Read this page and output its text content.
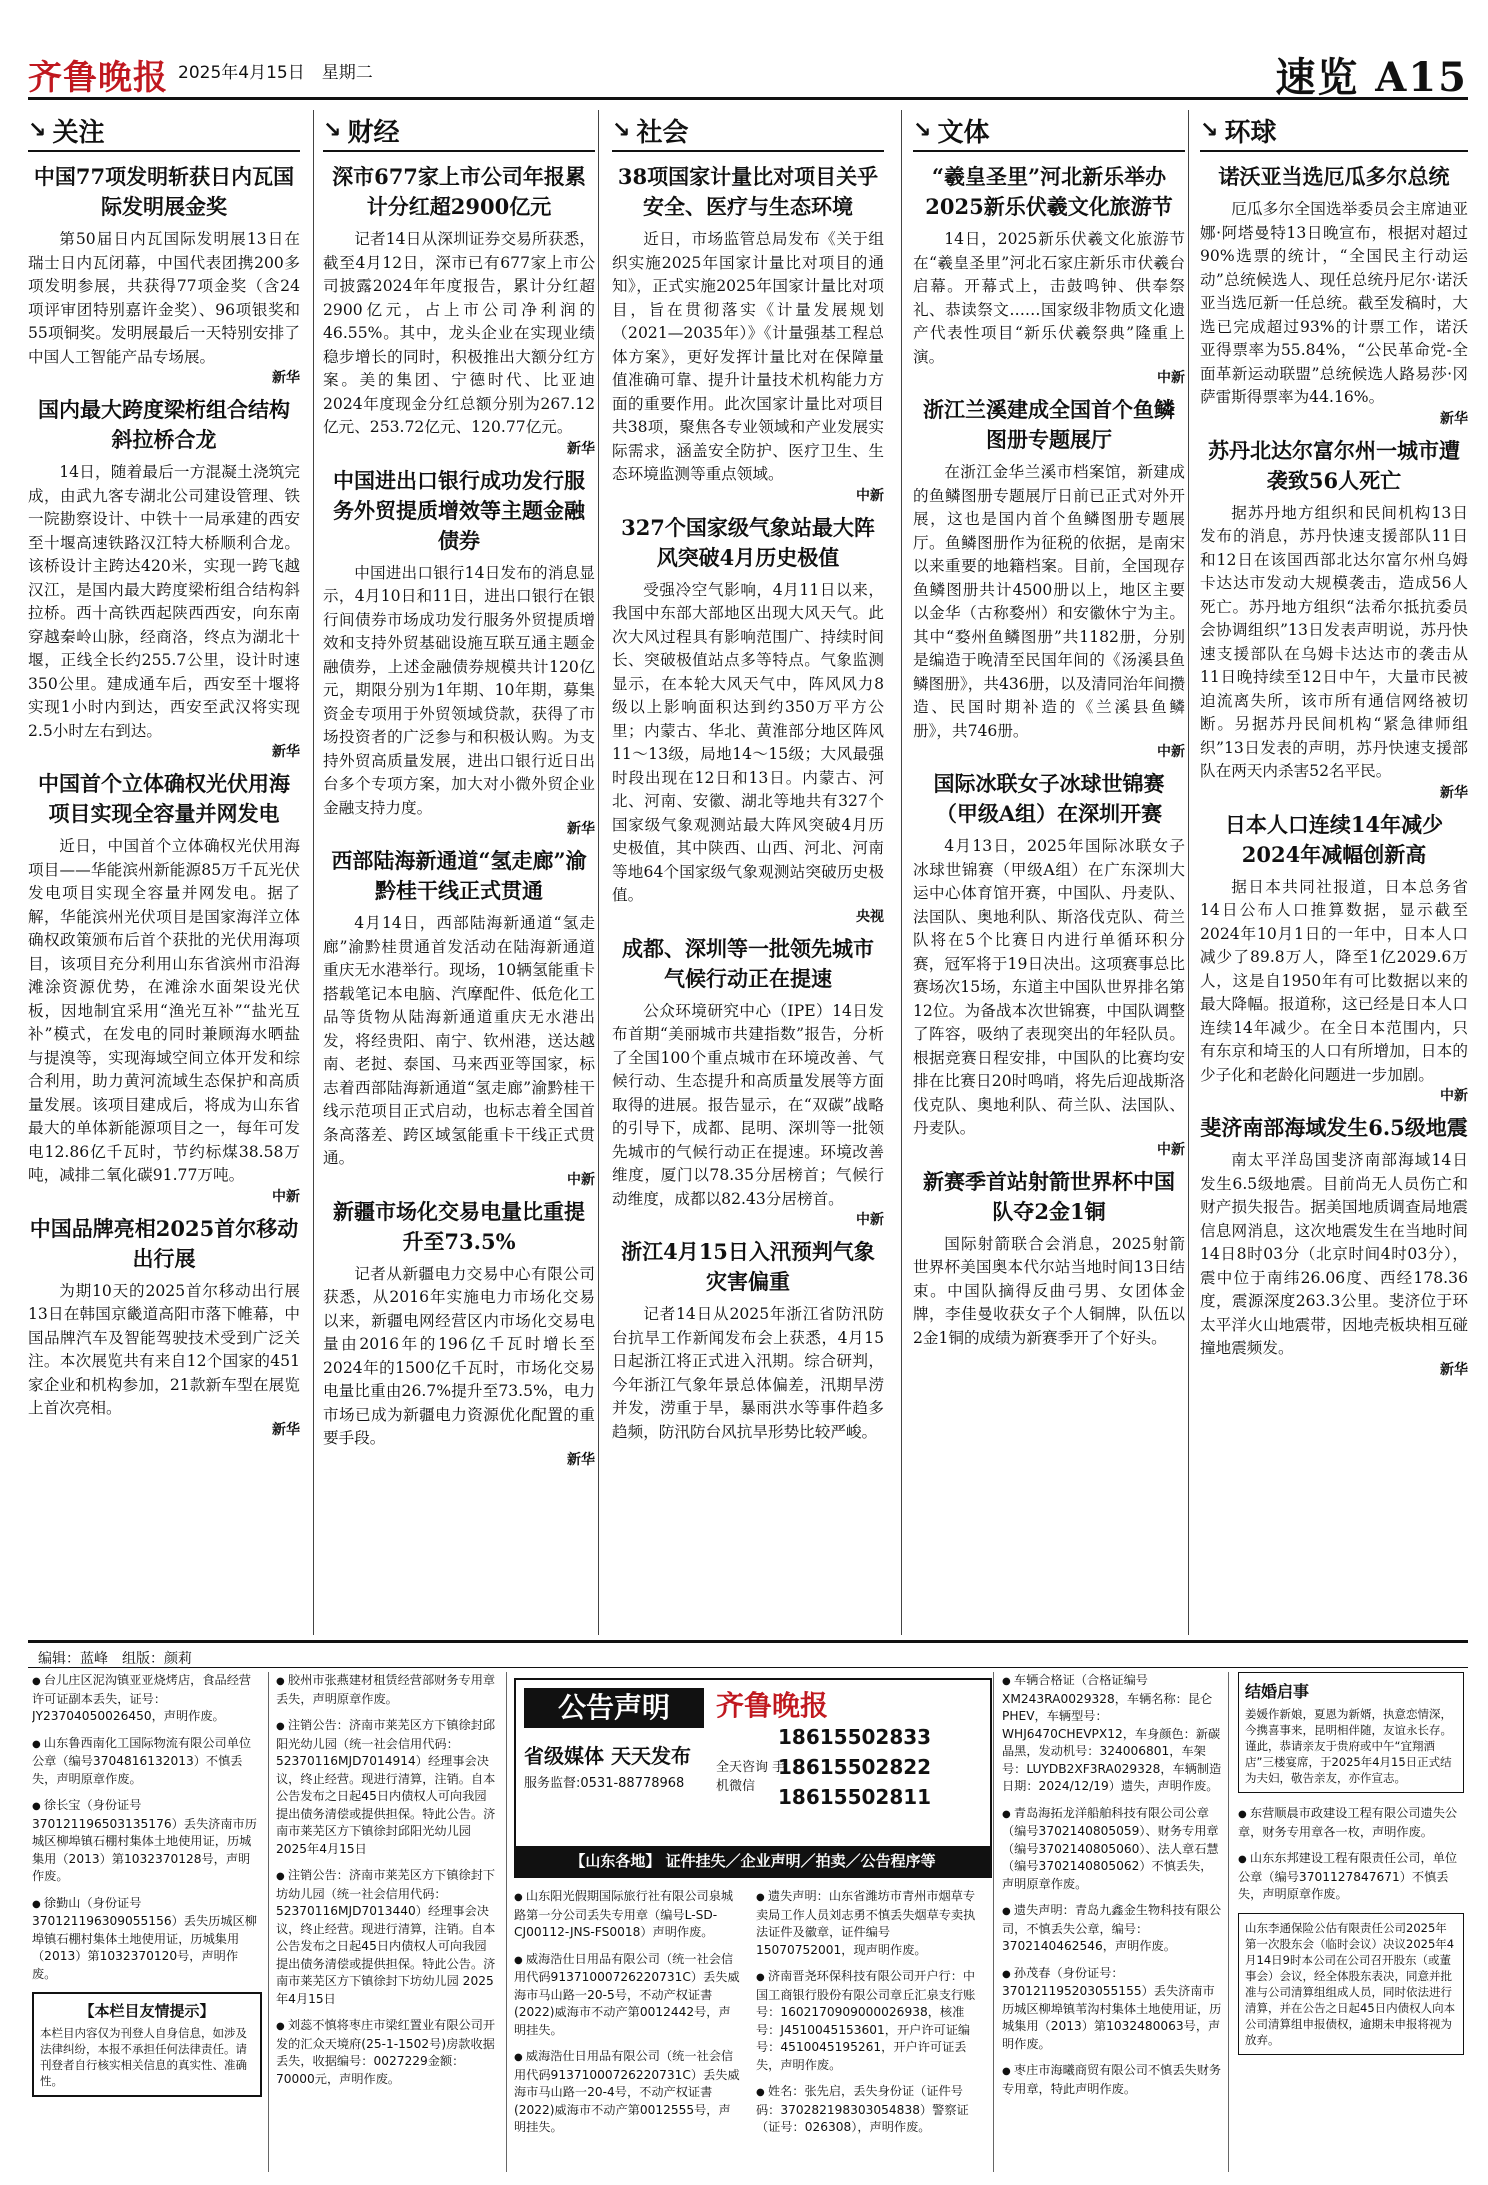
齐鲁晚报 2025年4月15日　 星期二	速览 A15
↘ 关注
中国77项发明斩获日内瓦国际发明展金奖

第50届日内瓦国际发明展13日在瑞士日内瓦闭幕，中国代表团携200多项发明参展，共获得77项金奖（含24项评审团特别嘉许金奖）、96项银奖和55项铜奖。发明展最后一天特别安排了中国人工智能产品专场展。

新华
国内最大跨度梁桁组合结构斜拉桥合龙

14日，随着最后一方混凝土浇筑完成，由武九客专湖北公司建设管理、铁一院勘察设计、中铁十一局承建的西安至十堰高速铁路汉江特大桥顺利合龙。该桥设计主跨达420米，实现一跨飞越汉江，是国内最大跨度梁桁组合结构斜拉桥。西十高铁西起陕西西安，向东南穿越秦岭山脉，经商洛，终点为湖北十堰，正线全长约255.7公里，设计时速350公里。建成通车后，西安至十堰将实现1小时内到达，西安至武汉将实现2.5小时左右到达。

新华
中国首个立体确权光伏用海项目实现全容量并网发电

近日，中国首个立体确权光伏用海项目——华能滨州新能源85万千瓦光伏发电项目实现全容量并网发电。据了解，华能滨州光伏项目是国家海洋立体确权政策颁布后首个获批的光伏用海项目，该项目充分利用山东省滨州市沿海滩涂资源优势，在滩涂水面架设光伏板，因地制宜采用“渔光互补”“盐光互补”模式，在发电的同时兼顾海水晒盐与提溴等，实现海域空间立体开发和综合利用，助力黄河流域生态保护和高质量发展。该项目建成后，将成为山东省最大的单体新能源项目之一，每年可发电12.86亿千瓦时，节约标煤38.58万吨，减排二氧化碳91.77万吨。

中新
中国品牌亮相2025首尔移动出行展

为期10天的2025首尔移动出行展13日在韩国京畿道高阳市落下帷幕，中国品牌汽车及智能驾驶技术受到广泛关注。本次展览共有来自12个国家的451家企业和机构参加，21款新车型在展览上首次亮相。

新华
↘ 财经
深市677家上市公司年报累计分红超2900亿元

记者14日从深圳证券交易所获悉，截至4月12日，深市已有677家上市公司披露2024年年度报告，累计分红超2900亿元，占上市公司净利润的46.55%。其中，龙头企业在实现业绩稳步增长的同时，积极推出大额分红方案。美的集团、宁德时代、比亚迪2024年度现金分红总额分别为267.12亿元、253.72亿元、120.77亿元。

新华
中国进出口银行成功发行服务外贸提质增效等主题金融债券

中国进出口银行14日发布的消息显示，4月10日和11日，进出口银行在银行间债券市场成功发行服务外贸提质增效和支持外贸基础设施互联互通主题金融债券，上述金融债券规模共计120亿元，期限分别为1年期、10年期，募集资金专项用于外贸领域贷款，获得了市场投资者的广泛参与和积极认购。为支持外贸高质量发展，进出口银行近日出台多个专项方案，加大对小微外贸企业金融支持力度。

新华
西部陆海新通道“氢走廊”渝黔桂干线正式贯通

4月14日，西部陆海新通道“氢走廊”渝黔桂贯通首发活动在陆海新通道重庆无水港举行。现场，10辆氢能重卡搭载笔记本电脑、汽摩配件、低危化工品等货物从陆海新通道重庆无水港出发，将经贵阳、南宁、钦州港，送达越南、老挝、泰国、马来西亚等国家，标志着西部陆海新通道“氢走廊”渝黔桂干线示范项目正式启动，也标志着全国首条高落差、跨区域氢能重卡干线正式贯通。

中新
新疆市场化交易电量比重提升至73.5%

记者从新疆电力交易中心有限公司获悉，从2016年实施电力市场化交易以来，新疆电网经营区内市场化交易电量由2016年的196亿千瓦时增长至2024年的1500亿千瓦时，市场化交易电量比重由26.7%提升至73.5%，电力市场已成为新疆电力资源优化配置的重要手段。

新华
↘ 社会
38项国家计量比对项目关乎安全、医疗与生态环境

近日，市场监管总局发布《关于组织实施2025年国家计量比对项目的通知》，正式实施2025年国家计量比对项目，旨在贯彻落实《计量发展规划（2021—2035年）》《计量强基工程总体方案》，更好发挥计量比对在保障量值准确可靠、提升计量技术机构能力方面的重要作用。此次国家计量比对项目共38项，聚焦各专业领域和产业发展实际需求，涵盖安全防护、医疗卫生、生态环境监测等重点领域。

中新
327个国家级气象站最大阵风突破4月历史极值

受强冷空气影响，4月11日以来，我国中东部大部地区出现大风天气。此次大风过程具有影响范围广、持续时间长、突破极值站点多等特点。气象监测显示，在本轮大风天气中，阵风风力8级以上影响面积达到约350万平方公里；内蒙古、华北、黄淮部分地区阵风11～13级，局地14～15级；大风最强时段出现在12日和13日。内蒙古、河北、河南、安徽、湖北等地共有327个国家级气象观测站最大阵风突破4月历史极值，其中陕西、山西、河北、河南等地64个国家级气象观测站突破历史极值。

央视
成都、深圳等一批领先城市气候行动正在提速

公众环境研究中心（IPE）14日发布首期“美丽城市共建指数”报告，分析了全国100个重点城市在环境改善、气候行动、生态提升和高质量发展等方面取得的进展。报告显示，在“双碳”战略的引导下，成都、昆明、深圳等一批领先城市的气候行动正在提速。环境改善维度，厦门以78.35分居榜首；气候行动维度，成都以82.43分居榜首。

中新
浙江4月15日入汛预判气象灾害偏重

记者14日从2025年浙江省防汛防台抗旱工作新闻发布会上获悉，4月15日起浙江将正式进入汛期。综合研判，今年浙江气象年景总体偏差，汛期旱涝并发，涝重于旱，暴雨洪水等事件趋多趋频，防汛防台风抗旱形势比较严峻。

↘ 文体
“羲皇圣里”河北新乐举办2025新乐伏羲文化旅游节

14日，2025新乐伏羲文化旅游节在“羲皇圣里”河北石家庄新乐市伏羲台启幕。开幕式上，击鼓鸣钟、供奉祭礼、恭读祭文……国家级非物质文化遗产代表性项目“新乐伏羲祭典”隆重上演。

中新
浙江兰溪建成全国首个鱼鳞图册专题展厅

在浙江金华兰溪市档案馆，新建成的鱼鳞图册专题展厅日前已正式对外开展，这也是国内首个鱼鳞图册专题展厅。鱼鳞图册作为征税的依据，是南宋以来重要的地籍档案。目前，全国现存鱼鳞图册共计4500册以上，地区主要以金华（古称婺州）和安徽休宁为主。其中“婺州鱼鳞图册”共1182册，分别是编造于晚清至民国年间的《汤溪县鱼鳞图册》，共436册，以及清同治年间攒造、民国时期补造的《兰溪县鱼鳞册》，共746册。

中新
国际冰联女子冰球世锦赛（甲级A组）在深圳开赛

4月13日，2025年国际冰联女子冰球世锦赛（甲级A组）在广东深圳大运中心体育馆开赛，中国队、丹麦队、法国队、奥地利队、斯洛伐克队、荷兰队将在5个比赛日内进行单循环积分赛，冠军将于19日决出。这项赛事总比赛场次15场，东道主中国队世界排名第12位。为备战本次世锦赛，中国队调整了阵容，吸纳了表现突出的年轻队员。根据竞赛日程安排，中国队的比赛均安排在比赛日20时鸣哨，将先后迎战斯洛伐克队、奥地利队、荷兰队、法国队、丹麦队。

中新
新赛季首站射箭世界杯中国队夺2金1铜

国际射箭联合会消息，2025射箭世界杯美国奥本代尔站当地时间13日结束。中国队摘得反曲弓男、女团体金牌，李佳曼收获女子个人铜牌，队伍以2金1铜的成绩为新赛季开了个好头。

↘ 环球
诺沃亚当选厄瓜多尔总统

厄瓜多尔全国选举委员会主席迪亚娜·阿塔曼特13日晚宣布，根据对超过90%选票的统计，“全国民主行动运动”总统候选人、现任总统丹尼尔·诺沃亚当选厄新一任总统。截至发稿时，大选已完成超过93%的计票工作，诺沃亚得票率为55.84%，“公民革命党-全面革新运动联盟”总统候选人路易莎·冈萨雷斯得票率为44.16%。

新华
苏丹北达尔富尔州一城市遭袭致56人死亡

据苏丹地方组织和民间机构13日发布的消息，苏丹快速支援部队11日和12日在该国西部北达尔富尔州乌姆卡达达市发动大规模袭击，造成56人死亡。苏丹地方组织“法希尔抵抗委员会协调组织”13日发表声明说，苏丹快速支援部队在乌姆卡达达市的袭击从11日晚持续至12日中午，大量市民被迫流离失所，该市所有通信网络被切断。另据苏丹民间机构“紧急律师组织”13日发表的声明，苏丹快速支援部队在两天内杀害52名平民。

新华
日本人口连续14年减少2024年减幅创新高

据日本共同社报道，日本总务省14日公布人口推算数据，显示截至2024年10月1日的一年中，日本人口减少了89.8万人，降至1亿2029.6万人，这是自1950年有可比数据以来的最大降幅。报道称，这已经是日本人口连续14年减少。在全日本范围内，只有东京和埼玉的人口有所增加，日本的少子化和老龄化问题进一步加剧。

中新
斐济南部海域发生6.5级地震

南太平洋岛国斐济南部海域14日发生6.5级地震。目前尚无人员伤亡和财产损失报告。据美国地质调查局地震信息网消息，这次地震发生在当地时间14日8时03分（北京时间4时03分），震中位于南纬26.06度、西经178.36度，震源深度263.3公里。斐济位于环太平洋火山地震带，因地壳板块相互碰撞地震频发。

新华
编辑：蓝峰　组版：颜莉

● 台儿庄区泥沟镇亚亚烧烤店，食品经营许可证副本丢失，证号：JY23704050026450，声明作废。

● 山东鲁西南化工国际物流有限公司单位公章（编号3704816132013）不慎丢失，声明原章作废。

● 徐长宝（身份证号370121196503135176）丢失济南市历城区柳埠镇石棚村集体土地使用证，历城集用（2013）第1032370128号，声明作废。

● 徐勤山（身份证号370121196309055156）丢失历城区柳埠镇石棚村集体土地使用证，历城集用（2013）第1032370120号，声明作废。

【本栏目友情提示】
本栏目内容仅为刊登人自身信息，如涉及法律纠纷，本报不承担任何法律责任。请刊登者自行核实相关信息的真实性、准确性。

● 胶州市张燕建材租赁经营部财务专用章丢失，声明原章作废。

● 注销公告：济南市莱芜区方下镇徐封邱阳光幼儿园（统一社会信用代码：52370116MJD7014914）经理事会决议，终止经营。现进行清算，注销。自本公告发布之日起45日内债权人可向我园提出债务清偿或提供担保。特此公告。济南市莱芜区方下镇徐封邱阳光幼儿园 2025年4月15日

● 注销公告：济南市莱芜区方下镇徐封下坊幼儿园（统一社会信用代码：52370116MJD7013440）经理事会决议，终止经营。现进行清算，注销。自本公告发布之日起45日内债权人可向我园提出债务清偿或提供担保。特此公告。济南市莱芜区方下镇徐封下坊幼儿园 2025年4月15日

● 刘蕊不慎将枣庄市梁红置业有限公司开发的汇众天境府(25-1-1502号)房款收据丢失，收据编号：0027229金额：70000元，声明作废。

公告声明
省级媒体 天天发布
服务监督:0531-88778968
齐鲁晚报
全天咨询 手机微信
18615502833
18615502822
18615502811
【山东各地】 证件挂失／企业声明／拍卖／公告程序等

● 山东阳光假期国际旅行社有限公司泉城路第一分公司丢失专用章（编号L-SD-CJ00112-JNS-FS0018）声明作废。

● 威海浩仕日用品有限公司（统一社会信用代码91371000726220731C）丢失威海市马山路一20-5号，不动产权证書(2022)威海市不动产第0012442号，声明挂失。

● 威海浩仕日用品有限公司（统一社会信用代码91371000726220731C）丢失威海市马山路一20-4号，不动产权证書(2022)威海市不动产第0012555号，声明挂失。

● 遗失声明：山东省潍坊市青州市烟草专卖局工作人员刘志勇不慎丢失烟草专卖执法证件及徽章，证件编号15070752001，现声明作废。

● 济南晋尧环保科技有限公司开户行：中国工商银行股份有限公司章丘汇泉支行账号：1602170909000026938，核准号：J4510045153601，开户许可证编号：4510045195261，开户许可证丢失，声明作废。

● 姓名：张先启，丢失身份证（证件号码：370282198303054838）警察证（证号：026308），声明作废。

● 车辆合格证（合格证编号XM243RA0029328，车辆名称：昆仑PHEV，车辆型号：WHJ6470CHEVPX12，车身颜色：新碳晶黑，发动机号：324006801，车架号：LUYDB2XF3RA029328，车辆制造日期：2024/12/19）遗失，声明作废。

● 青岛海拓龙洋船舶科技有限公司公章（编号3702140805059）、财务专用章（编号3702140805060）、法人章石慧（编号3702140805062）不慎丢失，声明原章作废。

● 遗失声明：青岛九鑫金生物科技有限公司，不慎丢失公章，编号：3702140462546，声明作废。

● 孙茂春（身份证号：370121195203055155）丢失济南市历城区柳埠镇苇沟村集体土地使用证，历城集用（2013）第1032480063号，声明作废。

● 枣庄市海曦商贸有限公司不慎丢失财务专用章，特此声明作废。

结婚启事
姜媛作新娘，夏恩为新婿，执意恋情深，今携喜事来，昆明相伴随，友谊永长存。谨此，恭请亲友于贵府或中午“宜翔酒店”三楼宴席，于2025年4月15日正式结为夫妇，敬告亲友，亦作宣志。

● 东营顺晨市政建设工程有限公司遗失公章，财务专用章各一枚，声明作废。

● 山东东邦建设工程有限责任公司，单位公章（编号3701127847671）不慎丢失，声明原章作废。

山东李通保险公估有限责任公司2025年第一次股东会（临时会议）决议2025年4月14日9时本公司在公司召开股东（或董事会）会议，经全体股东表决，同意并批准与公司清算组组成人员，同时依法进行清算，并在公告之日起45日内债权人向本公司清算组申报债权，逾期未申报将视为放弃。
